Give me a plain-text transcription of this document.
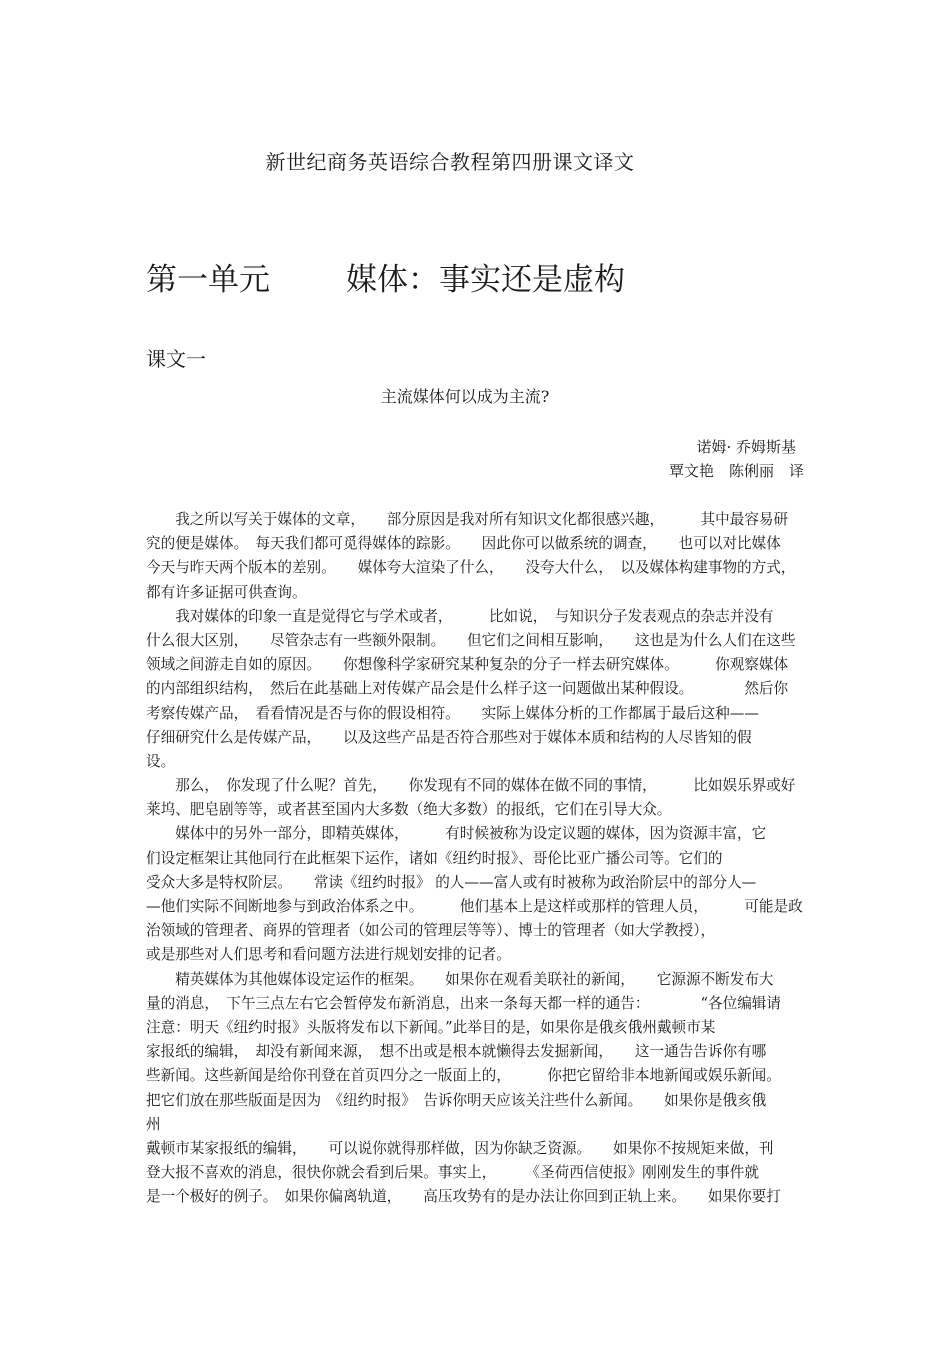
新世纪商务英语综合教程第四册课文译文
第一单元 媒体：事实还是虚构
课文一
主流媒体何以成为主流?
诺姆· 乔姆斯基
覃文艳　陈俐丽　译
　　我之所以写关于媒体的文章，　　部分原因是我对所有知识文化都很感兴趣，　　　其中最容易研
究的便是媒体。　每天我们都可觅得媒体的踪影。　　因此你可以做系统的调查，　　也可以对比媒体
今天与昨天两个版本的差别。　　媒体夸大渲染了什么，　　没夸大什么，　以及媒体构建事物的方式，
都有许多证据可供查询。
　　我对媒体的印象一直是觉得它与学术或者，　　　比如说，　与知识分子发表观点的杂志并没有
什么很大区别，　　尽管杂志有一些额外限制。　　但它们之间相互影响，　　这也是为什么人们在这些
领域之间游走自如的原因。　　你想像科学家研究某种复杂的分子一样去研究媒体。　　　你观察媒体
的内部组织结构，　然后在此基础上对传媒产品会是什么样子这一问题做出某种假设。　　　　然后你
考察传媒产品，　看看情况是否与你的假设相符。　　实际上媒体分析的工作都属于最后这种——
仔细研究什么是传媒产品，　　以及这些产品是否符合那些对于媒体本质和结构的人尽皆知的假
设。
　　那么，　你发现了什么呢？首先，　　你发现有不同的媒体在做不同的事情，　　　比如娱乐界或好
莱坞、肥皂剧等等，或者甚至国内大多数（绝大多数）的报纸，它们在引导大众。
　　媒体中的另外一部分，即精英媒体，　　　有时候被称为设定议题的媒体，因为资源丰富，它
们设定框架让其他同行在此框架下运作，诸如《纽约时报》、哥伦比亚广播公司等。它们的
受众大多是特权阶层。　　常读《纽约时报》 的人——富人或有时被称为政治阶层中的部分人—
—他们实际不间断地参与到政治体系之中。　　　他们基本上是这样或那样的管理人员，　　　可能是政
治领域的管理者、商界的管理者（如公司的管理层等等）、博士的管理者（如大学教授），
或是那些对人们思考和看问题方法进行规划安排的记者。
　　精英媒体为其他媒体设定运作的框架。　　如果你在观看美联社的新闻，　　它源源不断发布大
量的消息，　下午三点左右它会暂停发布新消息，出来一条每天都一样的通告：　　　　“各位编辑请
注意：明天《纽约时报》头版将发布以下新闻。”此举目的是，如果你是俄亥俄州戴顿市某
家报纸的编辑，　却没有新闻来源，　想不出或是根本就懒得去发掘新闻，　　这一通告告诉你有哪
些新闻。这些新闻是给你刊登在首页四分之一版面上的，　　　你把它留给非本地新闻或娱乐新闻。
把它们放在那些版面是因为　《纽约时报》　告诉你明天应该关注些什么新闻。　　如果你是俄亥俄
州
戴顿市某家报纸的编辑，　　可以说你就得那样做，因为你缺乏资源。　　如果你不按规矩来做，刊
登大报不喜欢的消息，很快你就会看到后果。事实上，　　　《圣荷西信使报》刚刚发生的事件就
是一个极好的例子。　如果你偏离轨道，　　高压攻势有的是办法让你回到正轨上来。　　如果你要打
